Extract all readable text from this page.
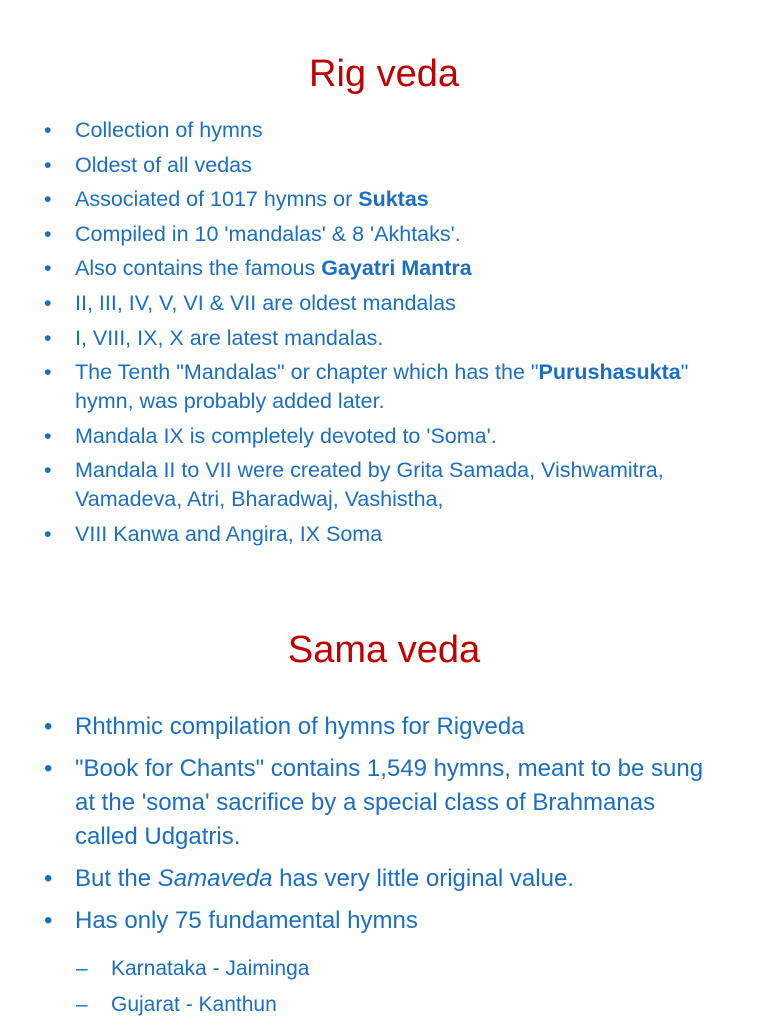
Rig veda
• Collection of hymns
• Oldest of all vedas
• Associated of 1017 hymns or Suktas
• Compiled in 10 'mandalas' & 8 'Akhtaks'.
• Also contains the famous Gayatri Mantra
• II, III, IV, V, VI & VII are oldest mandalas
• I, VIII, IX, X are latest mandalas.
• The Tenth "Mandalas" or chapter which has the "Purushasukta" hymn, was probably added later.
• Mandala IX is completely devoted to 'Soma'.
• Mandala II to VII were created by Grita Samada, Vishwamitra, Vamadeva, Atri, Bharadwaj, Vashistha,
• VIII Kanwa and Angira, IX Soma
Sama veda
• Rhthmic compilation of hymns for Rigveda
• "Book for Chants" contains 1,549 hymns, meant to be sung at the 'soma' sacrifice by a special class of Brahmanas called Udgatris.
• But the Samaveda has very little original value.
• Has only 75 fundamental hymns
– Karnataka - Jaiminga
– Gujarat - Kanthun
